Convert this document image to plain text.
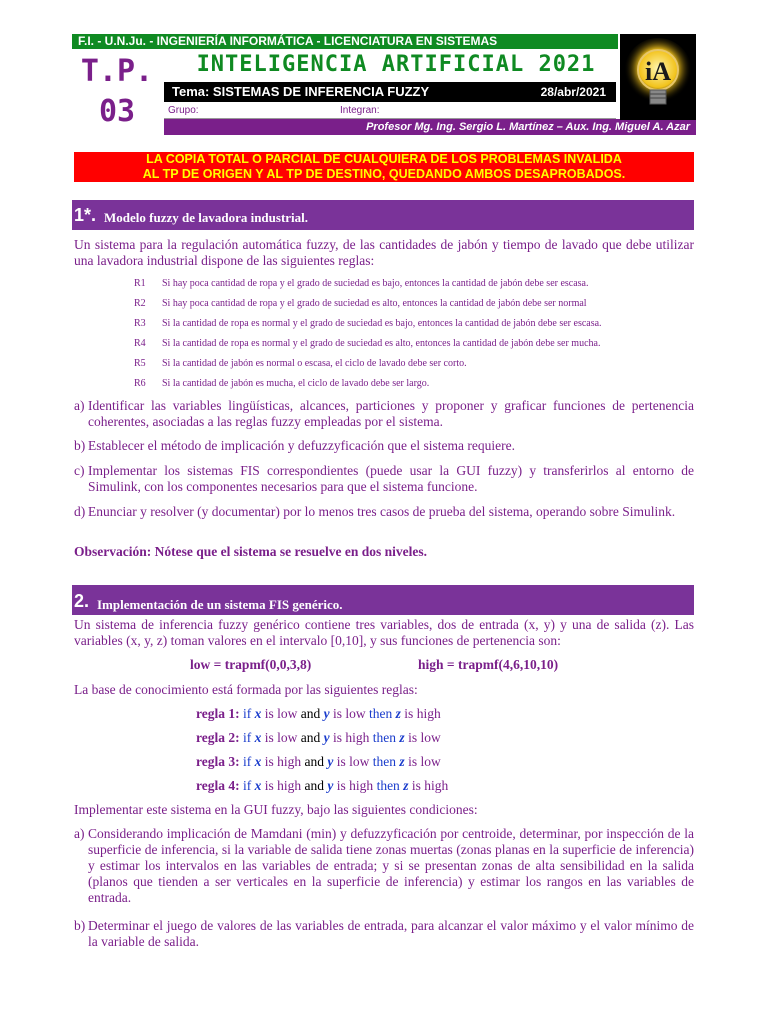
F.I. - U.N.Ju. - INGENIERÍA INFORMÁTICA - LICENCIATURA EN SISTEMAS
T.P.
03
INTELIGENCIA ARTIFICIAL 2021
Tema: SISTEMAS DE INFERENCIA FUZZY	28/abr/2021
Grupo:	Integran:
Profesor Mg. Ing. Sergio L. Martínez – Aux. Ing. Miguel A. Azar
iA
LA COPIA TOTAL O PARCIAL DE CUALQUIERA DE LOS PROBLEMAS INVALIDA
AL TP DE ORIGEN Y AL TP DE DESTINO, QUEDANDO AMBOS DESAPROBADOS.
1*. Modelo fuzzy de lavadora industrial.
Un sistema para la regulación automática fuzzy, de las cantidades de jabón y tiempo de lavado que debe utilizar una lavadora industrial dispone de las siguientes reglas:
R1 Si hay poca cantidad de ropa y el grado de suciedad es bajo, entonces la cantidad de jabón debe ser escasa.
R2 Si hay poca cantidad de ropa y el grado de suciedad es alto, entonces la cantidad de jabón debe ser normal
R3 Si la cantidad de ropa es normal y el grado de suciedad es bajo, entonces la cantidad de jabón debe ser escasa.
R4 Si la cantidad de ropa es normal y el grado de suciedad es alto, entonces la cantidad de jabón debe ser mucha.
R5 Si la cantidad de jabón es normal o escasa, el ciclo de lavado debe ser corto.
R6 Si la cantidad de jabón es mucha, el ciclo de lavado debe ser largo.
a) Identificar las variables lingüísticas, alcances, particiones y proponer y graficar funciones de pertenencia coherentes, asociadas a las reglas fuzzy empleadas por el sistema.
b) Establecer el método de implicación y defuzzyficación que el sistema requiere.
c) Implementar los sistemas FIS correspondientes (puede usar la GUI fuzzy) y transferirlos al entorno de Simulink, con los componentes necesarios para que el sistema funcione.
d) Enunciar y resolver (y documentar) por lo menos tres casos de prueba del sistema, operando sobre Simulink.
Observación: Nótese que el sistema se resuelve en dos niveles.
2. Implementación de un sistema FIS genérico.
Un sistema de inferencia fuzzy genérico contiene tres variables, dos de entrada (x, y) y una de salida (z). Las variables (x, y, z) toman valores en el intervalo [0,10], y sus funciones de pertenencia son:
low = trapmf(0,0,3,8)	high = trapmf(4,6,10,10)
La base de conocimiento está formada por las siguientes reglas:
regla 1: if x is low and y is low then z is high
regla 2: if x is low and y is high then z is low
regla 3: if x is high and y is low then z is low
regla 4: if x is high and y is high then z is high
Implementar este sistema en la GUI fuzzy, bajo las siguientes condiciones:
a) Considerando implicación de Mamdani (min) y defuzzyficación por centroide, determinar, por inspección de la superficie de inferencia, si la variable de salida tiene zonas muertas (zonas planas en la superficie de inferencia) y estimar los intervalos en las variables de entrada; y si se presentan zonas de alta sensibilidad en la salida (planos que tienden a ser verticales en la superficie de inferencia) y estimar los rangos en las variables de entrada.
b) Determinar el juego de valores de las variables de entrada, para alcanzar el valor máximo y el valor mínimo de la variable de salida.
